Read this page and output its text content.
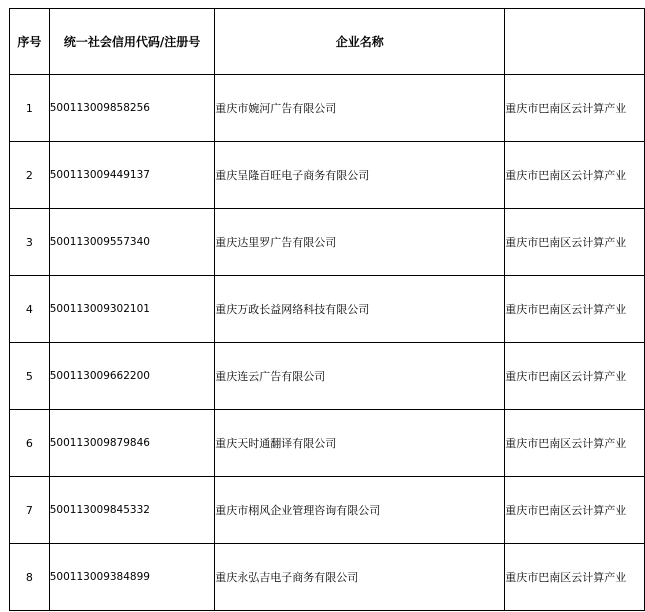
序号	统一社会信用代码/注册号	企业名称	
1	500113009858256	重庆市婉河广告有限公司	重庆市巴南区云计算产业
2	500113009449137	重庆呈隆百旺电子商务有限公司	重庆市巴南区云计算产业
3	500113009557340	重庆达里罗广告有限公司	重庆市巴南区云计算产业
4	500113009302101	重庆万政长益网络科技有限公司	重庆市巴南区云计算产业
5	500113009662200	重庆连云广告有限公司	重庆市巴南区云计算产业
6	500113009879846	重庆天时通翻译有限公司	重庆市巴南区云计算产业
7	500113009845332	重庆市栩风企业管理咨询有限公司	重庆市巴南区云计算产业
8	500113009384899	重庆永弘吉电子商务有限公司	重庆市巴南区云计算产业
